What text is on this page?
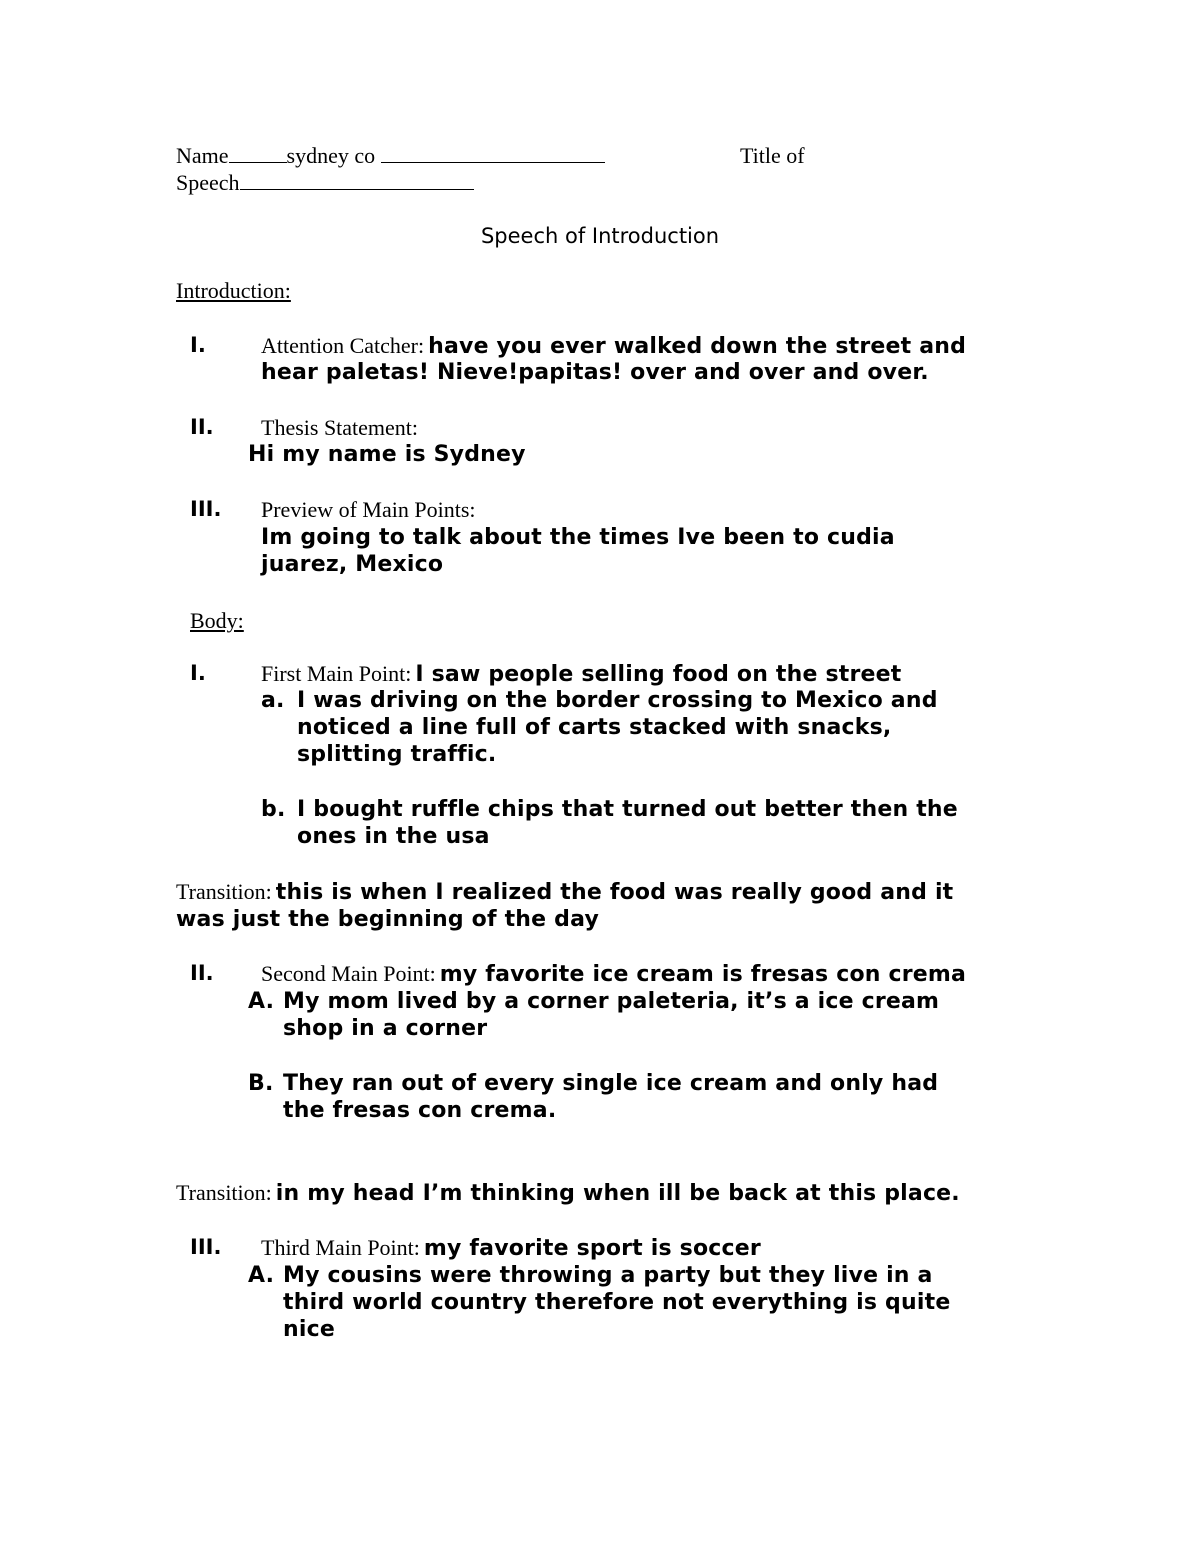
Name	sydney co	Title of
Speech
Speech of Introduction
Introduction:
I.	Attention Catcher: have you ever walked down the street and
hear paletas! Nieve!papitas! over and over and over.
II. Thesis Statement:
Hi my name is Sydney
III. Preview of Main Points:
Im going to talk about the times Ive been to cudia
juarez, Mexico
Body:
I.	First Main Point: I saw people selling food on the street
a. I was driving on the border crossing to Mexico and
noticed a line full of carts stacked with snacks,
splitting traffic.
b. I bought ruffle chips that turned out better then the
ones in the usa
Transition: this is when I realized the food was really good and it
was just the beginning of the day
II. Second Main Point: my favorite ice cream is fresas con crema
A. My mom lived by a corner paleteria, it’s a ice cream
shop in a corner
B. They ran out of every single ice cream and only had
the fresas con crema.
Transition: in my head I’m thinking when ill be back at this place.
III. Third Main Point: my favorite sport is soccer
A. My cousins were throwing a party but they live in a
third world country therefore not everything is quite
nice
